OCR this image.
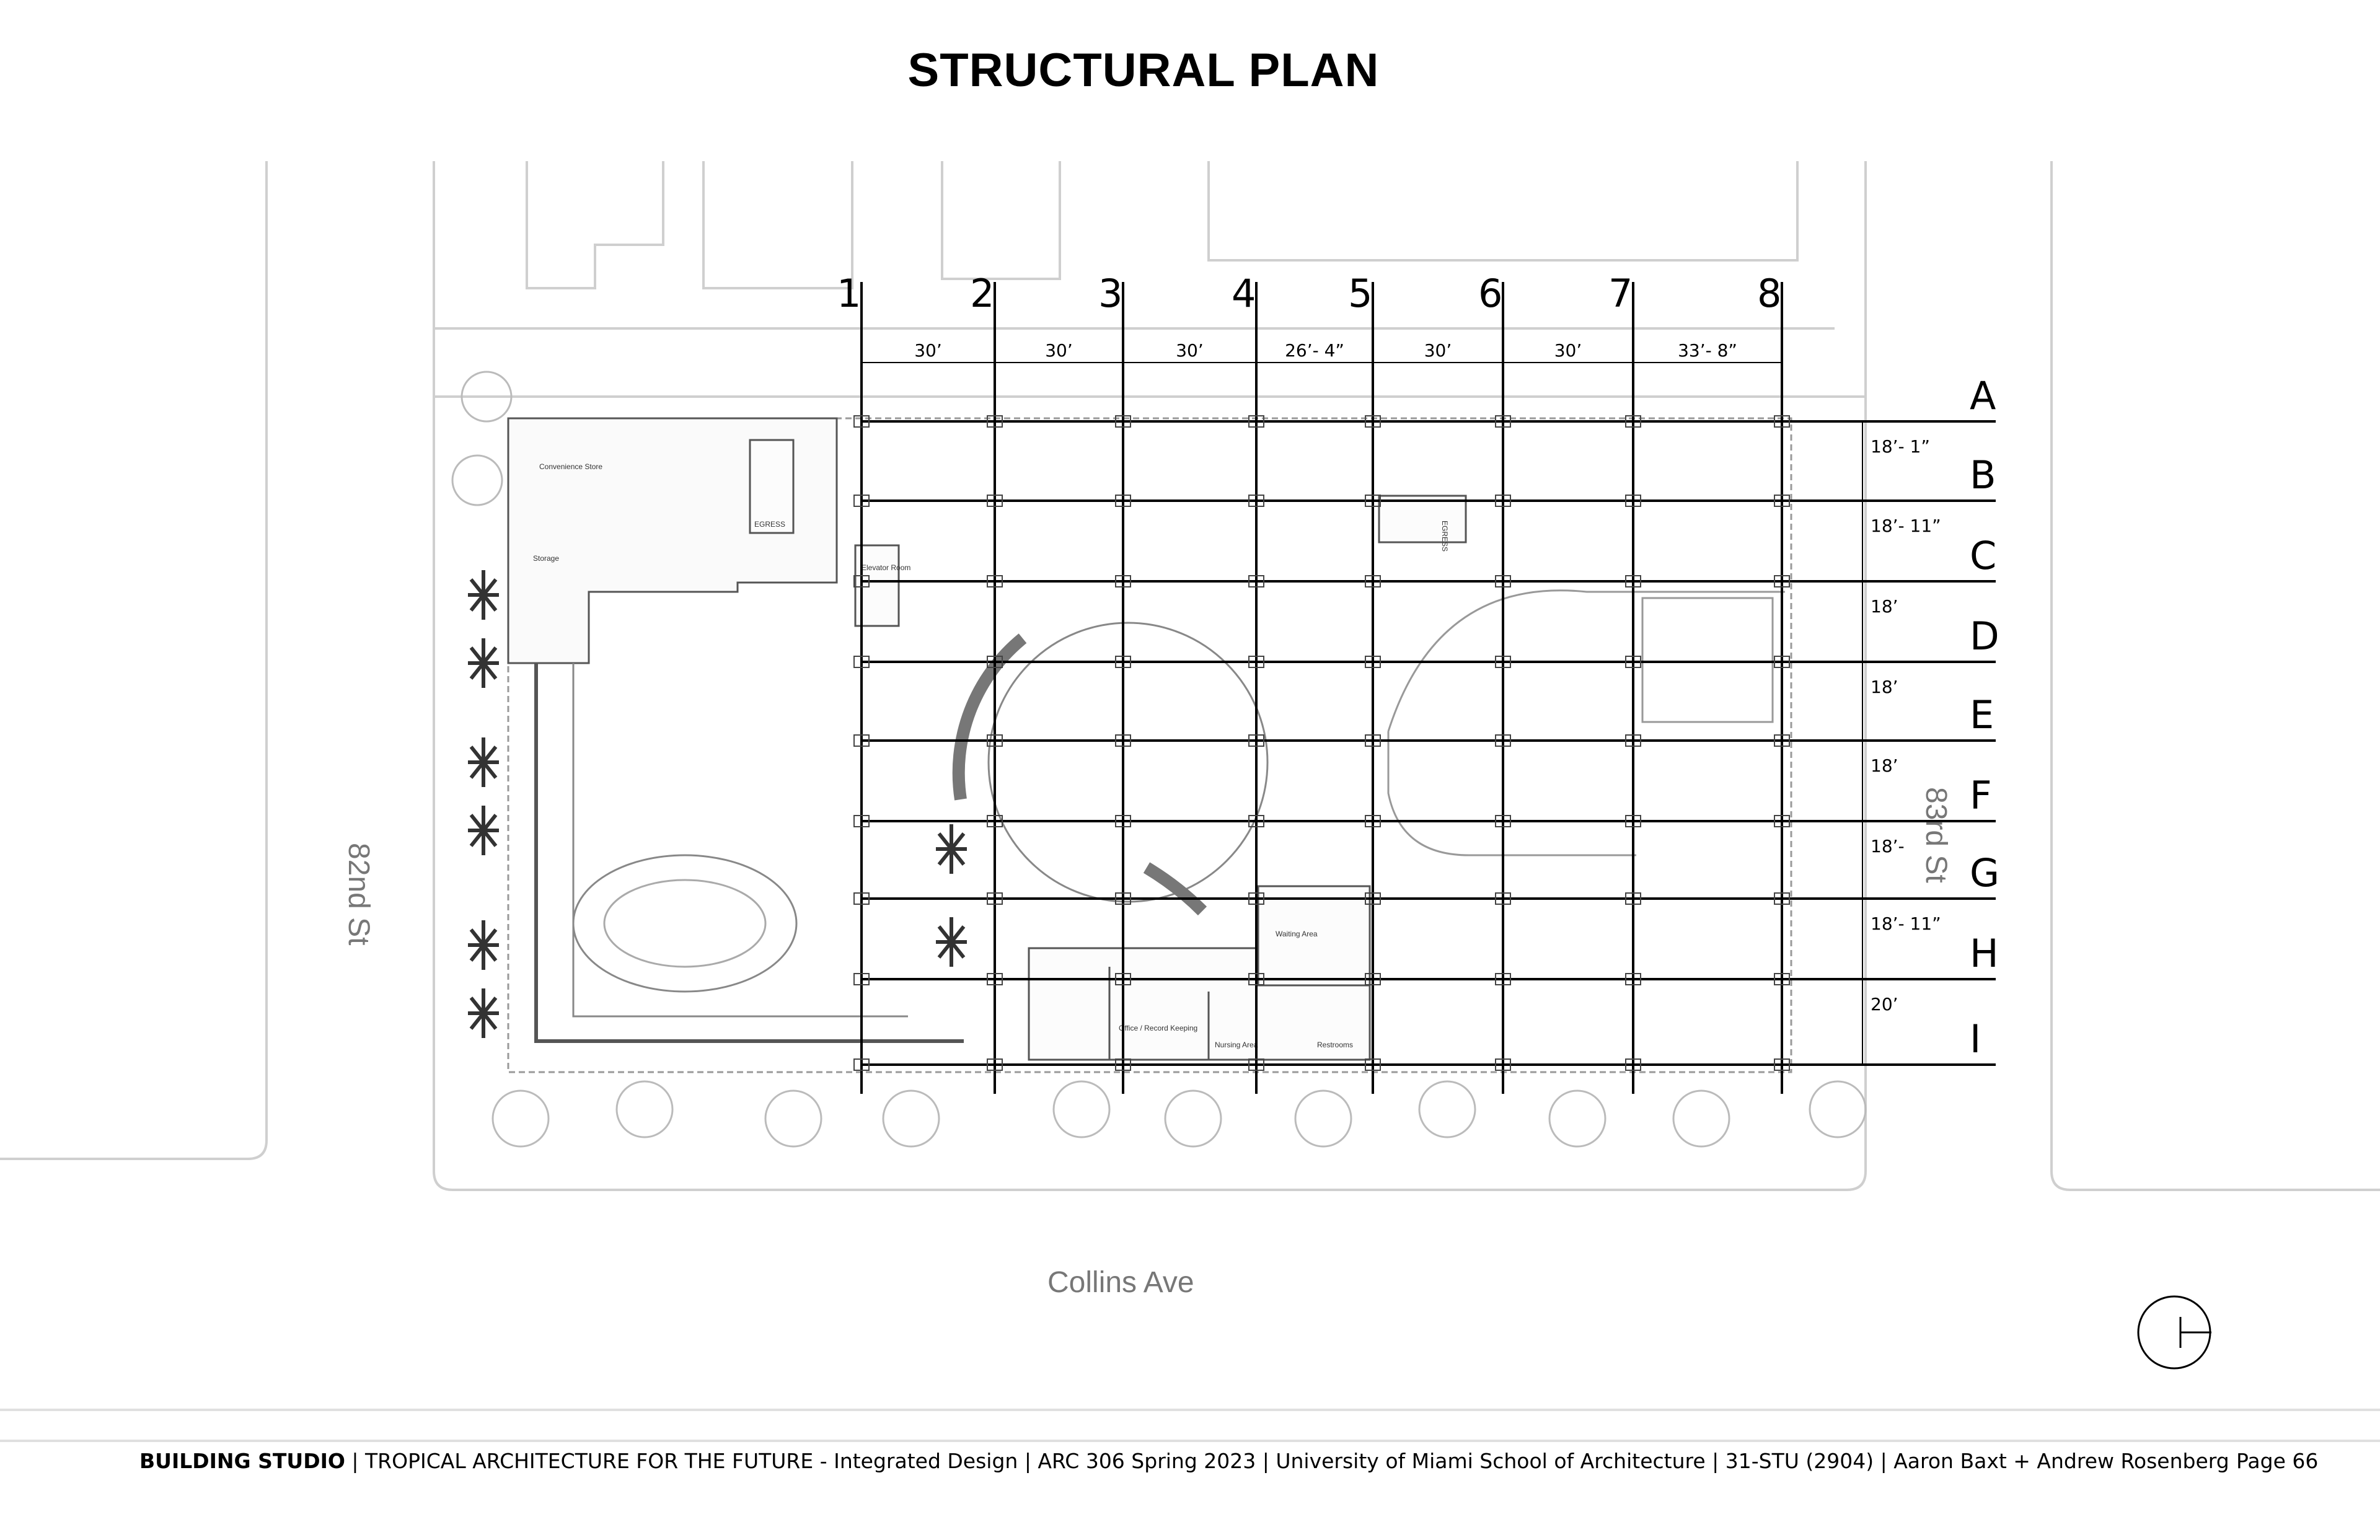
STRUCTURAL PLAN
Convenience Store
Storage
EGRESS	EGRESS
Elevator Room
Waiting Area
Office / Record Keeping
Nursing Area	Restrooms
1	2	3	4 5	6	7	8
A
B
C
D
E
F
G
H
I
30’	30’	30’	26’- 4”	30’	30’	33’- 8”
18’- 1”
18’- 11”
18’
18’
18’
18’-
18’- 11”
20’
82nd St
83rd St
Collins Ave
BUILDING STUDIO | TROPICAL ARCHITECTURE FOR THE FUTURE - Integrated Design | ARC 306 Spring 2023 | University of Miami School of Architecture | 31-STU (2904) | Aaron Baxt + Andrew Rosenberg Page 66
